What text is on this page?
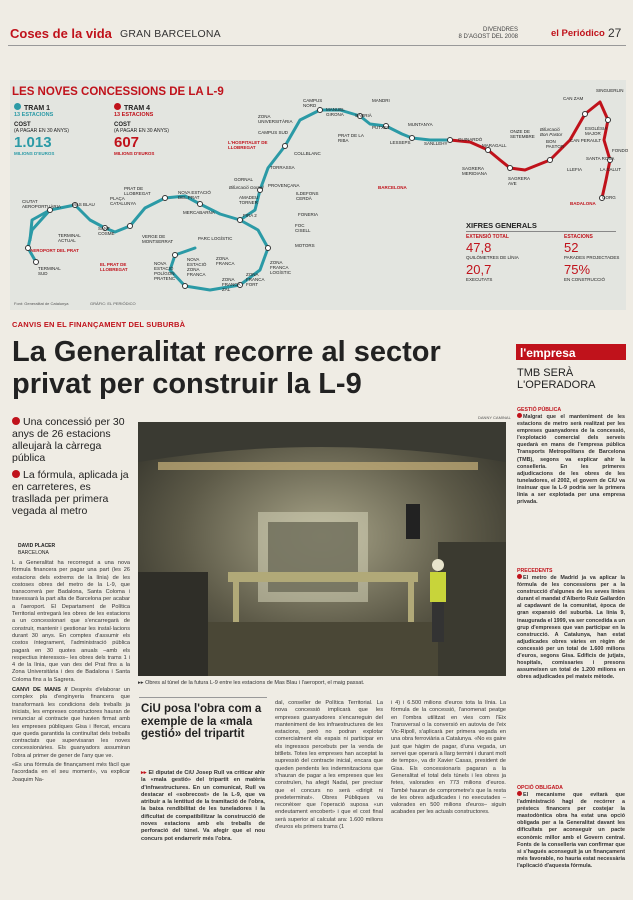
Coses de la vida GRAN BARCELONA	DIVENDRES
8 D'AGOST DEL 2008	el Periódico 27
LES NOVES CONCESSIONS DE LA L-9
TRAM 1
13 ESTACIONS
COST
(A PAGAR EN 30 ANYS)
1.013
MILIONS D'EUROS
TRAM 4
13 ESTACIONS
COST
(A PAGAR EN 30 ANYS)
607
MILIONS D'EUROS
L'HOSPITALET DE LLOBREGAT
BARCELONA
BADALONA
EL PRAT DE LLOBREGAT
AEROPORT DEL PRAT
CAN ZAM
SINGUERLIN
ESGLÉSIA MAJOR
FONDO
CAN PERAULT
SANTA ROSA
LLEFIA	LA SALUT
BON PASTOR
GORG
ONZE DE SETEMBRE
SAGRERA AVE
SAGRERA MERIDIANA
MARAGALL
GUINARDÓ
SANLLEHY
LESSEPS
MUNTANYA
PUTXET
SARRIÀ
MANDRI
PRAT DE LA RIBA
MANUEL GIRONA
CAMPUS NORD
ZONA UNIVERSITÀRIA
CAMPUS SUD
COLLBLANC
TORRASSA
PROVENÇANA
ILDEFONS CERDÀ
FONERIA
FOC CISELL
MOTORS
ZONA FRANCA LOGÍSTIC
ZONA FRANCA FORT
ZONA FRANCA ZAL
ZONA FRANCA
NOVA ESTACIÓ ZONA FRANCA
NOVA ESTACIÓ POLÍGON PRATENC
PARC LOGÍSTIC
FIRA 2
AMADEU TORNER
GORNAL
MERCABARNA
NOVA ESTACIÓ DEL PRAT
VERGE DE MONTSERRAT
PRAT DE LLOBREGAT
SANT COSME
PLAÇA CATALUNYA
MAS BLAU
TERMINAL ACTUAL
CIUTAT AEROPORTUÀRIA
TERMINAL SUD
Bifurcació Gornal
Bifurcació Bon Pastor
XIFRES GENERALS
EXTENSIÓ TOTAL
47,8
QUILÒMETRES DE LÍNIA
20,7
EXECUTATS
ESTACIONS
52
PARADES PROJECTADES
75%
EN CONSTRUCCIÓ
Font: Generalitat de Catalunya	GRÀFIC: EL PERIÓDICO
CANVIS EN EL FINANÇAMENT DEL SUBURBÀ
La Generalitat recorre al sector privat per construir la L-9
Una concessió per 30 anys de 26 estacions alleujarà la càrrega pública
La fórmula, aplicada ja en carreteres, es trasllada per primera vegada al metro
DAVID PLACER
BARCELONA
L a Generalitat ha recorregut a una nova fórmula financera per pagar una part (les 26 estacions dels extrems de la línia) de les costoses obres del metro de la L-9, que transcorrerà per Badalona, Santa Coloma i travessarà la part alta de Barcelona per acabar a l'aeroport. El Departament de Política Territorial entregarà les obres de les estacions a un concessionari que s'encarregarà de construir, mantenir i gestionar les instal·lacions durant 30 anys. En comptes d'assumir els costos íntegrament, l'administració pública pagarà en 30 quotes anuals –amb els respectius interessos– les obres dels trams 1 i 4 de la línia, que van des del Prat fins a la Zona Universitària i des de Badalona i Santa Coloma fins a la Sagrera.
CANVI DE MANS // Després d'elaborar un complex pla d'enginyeria financera que transformarà les condicions dels treballs ja iniciats, les empreses constructores hauran de renunciar al contracte que havien firmat amb les empreses públiques Gisa i Ifercat, encara que queda garantida la continuïtat dels treballs contractats que supervisaran les noves concessionàries. Els guanyadors assumiran l'obra al primer de gener de l'any que ve.
«Es una fórmula de finançament més fàcil que l'acordada en el seu moment», va explicar Joaquim Na-
DANNY CAMINAL
▸▸ Obres al túnel de la futura L-9 entre les estacions de Mas Blau i l'aeroport, el maig passat.
CiU posa l'obra com a exemple de la «mala gestió» del tripartit
▸▸ El diputat de CiU Josep Rull va criticar ahir la «mala gestió» del tripartit en matèria d'infraestructures. En un comunicat, Rull va destacar el «sobrecost» de la L-9, que va atribuir a la lentitud de la tramitació de l'obra, la baixa rendibilitat de les tuneladores i la dificultat de compatibilitzar la construcció de noves estacions amb els treballs de perforació del túnel. Va afegir que el nou concurs pot endarrerir més l'obra.
dal, conseller de Política Territorial. La nova concessió implicarà que les empreses guanyadores s'encarreguin del manteniment de les infraestructures de les estacions, però no podran explotar comercialment els espais ni participar en els ingressos percebuts per la venda de bitllets. Totes les empreses han acceptat la supressió del contracte inicial, encara que queden pendents les indemnitzacions que s'hauran de pagar a les empreses que les construïen, ha afegit Nadal, per precisar que el concurs no serà «dirigit ni predeterminat». Obres Públiques va reconèixer que l'operació suposa «un endeutament encobert» i que el cost final serà superior al calculat ara: 1.600 milions d'euros els primers trams (1
i 4) i 6.500 milions d'euros tota la línia. La fórmula de la concessió, l'anomenat peatge en l'ombra utilitzat en vies com l'Eix Transversal o la conversió en autovia de l'eix Vic-Ripoll, s'aplicarà per primera vegada en una obra ferroviària a Catalunya. «No es gaire just que hàgim de pagar, d'una vegada, un servei que operarà a llarg termini i durant molt de temps», va dir Xavier Casas, president de Gisa. Els concessionaris pagaran a la Generalitat el total dels túnels i les obres ja fetes, valorades en 773 milions d'euros. També hauran de comprometre's que la resta de les obres adjudicades i no executades –valorades en 500 milions d'euros– siguin acabades per les actuals constructores.
l'empresa
TMB SERÀ L'OPERADORA
GESTIÓ PÚBLICA
Malgrat que el manteniment de les estacions de metro serà realitzat per les empreses guanyadores de la concessió, l'explotació comercial dels serveis quedarà en mans de l'empresa pública Transports Metropolitans de Barcelona (TMB), segons va explicar ahir la conselleria. En les primeres adjudicacions de les obres de les tuneladores, el 2002, el govern de CiU va insinuar que la L-9 podria ser la primera línia a ser explotada per una empresa privada.
PRECEDENTS
El metro de Madrid ja va aplicar la fórmula de les concessions per a la construcció d'algunes de les seves línies durant el mandat d'Alberto Ruiz Gallardón al capdavant de la comunitat, època de gran expansió del suburbà. La línia 9, inaugurada el 1999, va ser concedida a un grup d'empreses que van participar en la construcció. A Catalunya, han estat adjudicades obres vàries en règim de concessió per un total de 1.600 milions d'euros, segons Gisa. Edificis de jutjats, hospitals, comissaries i presons assumeixen un total de 1.200 milions en obres adjudicades pel mateix mètode.
OPCIÓ OBLIGADA
El mecanisme que evitarà que l'administració hagi de recórrer a préstecs financers per costejar la mastodòntica obra ha estat una opció obligada per a la Generalitat davant les dificultats per aconseguir un pacte econòmic millor amb el Govern central. Fonts de la conselleria van confirmar que si s'hagués aconseguit ja un finançament més favorable, no hauria estat necessària l'aplicació d'aquesta fórmula.
